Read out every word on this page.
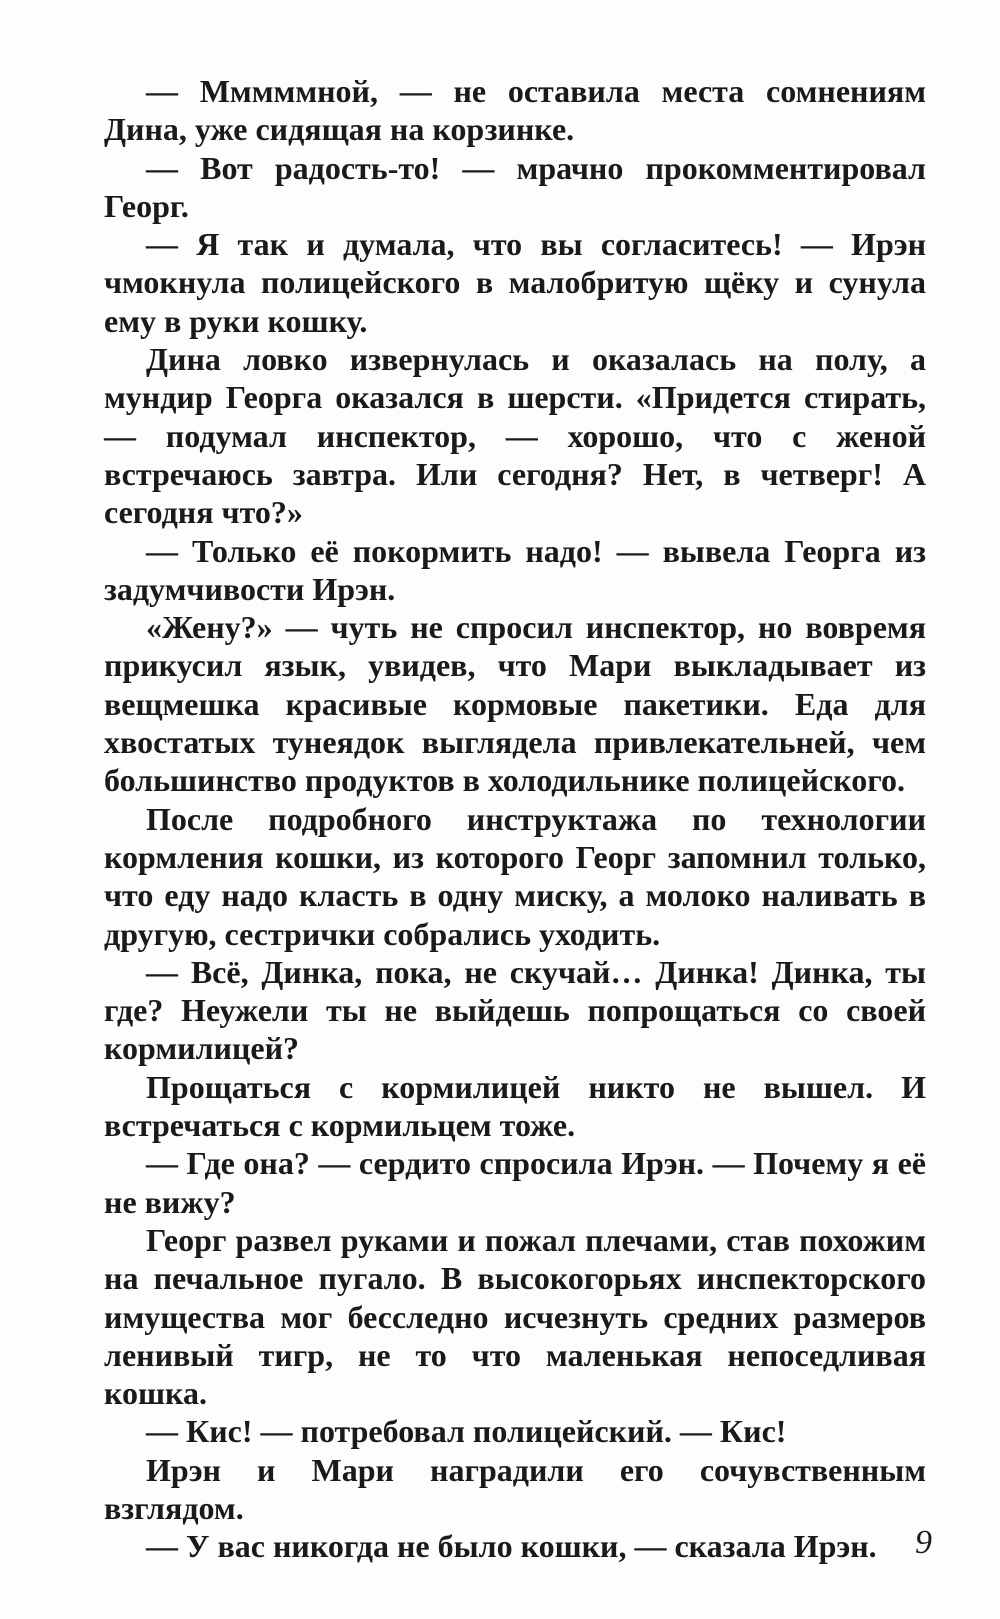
— Мммммной, — не оставила места сомнениям Дина, уже сидящая на корзинке.

— Вот радость-то! — мрачно прокомментировал Георг.

— Я так и думала, что вы согласитесь! — Ирэн чмокнула полицейского в малобритую щёку и сунула ему в руки кошку.

Дина ловко извернулась и оказалась на полу, а мундир Георга оказался в шерсти. «Придется стирать, — подумал инспектор, — хорошо, что с женой встречаюсь завтра. Или сегодня? Нет, в четверг! А сегодня что?»

— Только её покормить надо! — вывела Георга из задумчивости Ирэн.

«Жену?» — чуть не спросил инспектор, но вовремя прикусил язык, увидев, что Мари выкладывает из вещмешка красивые кормовые пакетики. Еда для хвостатых тунеядок выглядела привлекательней, чем большинство продуктов в холодильнике полицейского.

После подробного инструктажа по технологии кормления кошки, из которого Георг запомнил только, что еду надо класть в одну миску, а молоко наливать в другую, сестрички собрались уходить.

— Всё, Динка, пока, не скучай… Динка! Динка, ты где? Неужели ты не выйдешь попрощаться со своей кормилицей?

Прощаться с кормилицей никто не вышел. И встречаться с кормильцем тоже.

— Где она? — сердито спросила Ирэн. — Почему я её не вижу?

Георг развел руками и пожал плечами, став похожим на печальное пугало. В высокогорьях инспекторского имущества мог бесследно исчезнуть средних размеров ленивый тигр, не то что маленькая непоседливая кошка.

— Кис! — потребовал полицейский. — Кис!

Ирэн и Мари наградили его сочувственным взглядом.

— У вас никогда не было кошки, — сказала Ирэн.	9
